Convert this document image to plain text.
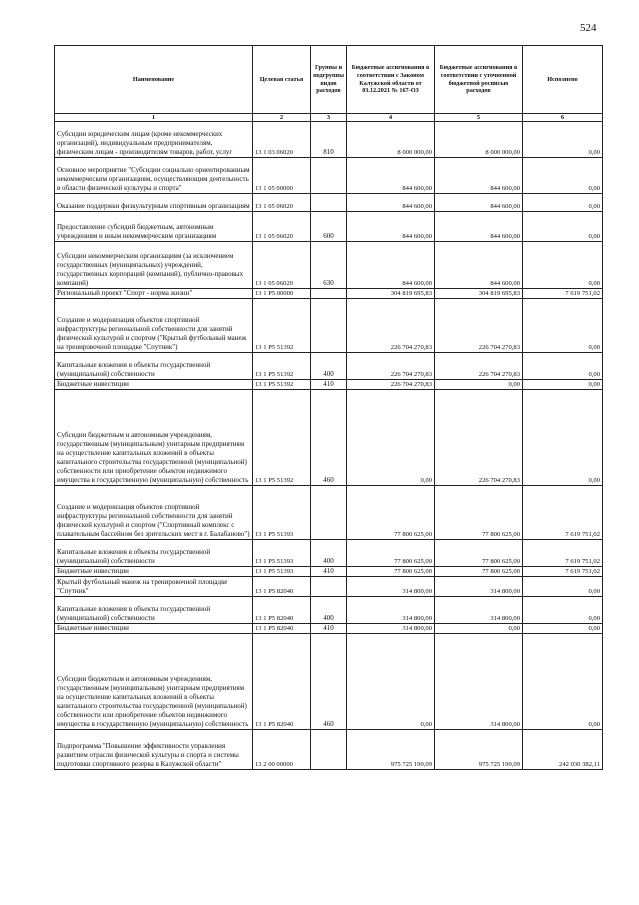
524
Наименование	Целевая статья	Группы и подгруппы видов расходов	Бюджетные ассигнования в соответствии с Законом Калужской области от 03.12.2021 № 167-ОЗ	Бюджетные ассигнования в соответствии с уточненной бюджетной росписью расходов	Исполнено
1	2	3	4	5	6
Субсидии юридическим лицам (кроме некоммерческих организаций), индивидуальным предпринимателям, физическим лицам - производителям товаров, работ, услуг	13 1 03 06020	810	8 000 000,00	8 000 000,00	0,00
Основное мероприятие "Субсидии социально ориентированным некоммерческим организациям, осуществляющим деятельность в области физической культуры и спорта"	13 1 05 00000		844 600,00	844 600,00	0,00
Оказание поддержки физкультурным спортивным организациям	13 1 05 06020		844 600,00	844 600,00	0,00
Предоставление субсидий бюджетным, автономным учреждениям и иным некоммерческим организациям	13 1 05 06020	600	844 600,00	844 600,00	0,00
Субсидии некоммерческим организациям (за исключением государственных (муниципальных) учреждений, государственных корпораций (компаний), публично-правовых компаний)	13 1 05 06020	630	844 600,00	844 600,00	0,00
Региональный проект "Спорт - норма жизни"	13 1 P5 00000		304 819 695,83	304 819 695,83	7 619 751,02
Создание и модернизация объектов спортивной инфраструктуры региональной собственности для занятий физической культурой и спортом ("Крытый футбольный манеж на тренировочной площадке "Спутник")	13 1 P5 51392		226 704 270,83	226 704 270,83	0,00
Капитальные вложения в объекты государственной (муниципальной) собственности	13 1 P5 51392	400	226 704 270,83	226 704 270,83	0,00
Бюджетные инвестиции	13 1 P5 51392	410	226 704 270,83	0,00	0,00
Субсидии бюджетным и автономным учреждениям, государственным (муниципальным) унитарным предприятиям на осуществление капитальных вложений в объекты капитального строительства государственной (муниципальной) собственности или приобретение объектов недвижимого имущества в государственную (муниципальную) собственность	13 1 P5 51392	460	0,00	226 704 270,83	0,00
Создание и модернизация объектов спортивной инфраструктуры региональной собственности для занятий физической культурой и спортом ("Спортивный комплекс с плавательным бассейном без зрительских мест в г. Балабаново")	13 1 P5 51393		77 800 625,00	77 800 625,00	7 619 751,02
Капитальные вложения в объекты государственной (муниципальной) собственности	13 1 P5 51393	400	77 800 625,00	77 800 625,00	7 619 751,02
Бюджетные инвестиции	13 1 P5 51393	410	77 800 625,00	77 800 625,00	7 619 751,02
Крытый футбольный манеж на тренировочной площадке "Спутник"	13 1 P5 82040		314 800,00	314 800,00	0,00
Капитальные вложения в объекты государственной (муниципальной) собственности	13 1 P5 82040	400	314 800,00	314 800,00	0,00
Бюджетные инвестиции	13 1 P5 82040	410	314 800,00	0,00	0,00
Субсидии бюджетным и автономным учреждениям, государственным (муниципальным) унитарным предприятиям на осуществление капитальных вложений в объекты капитального строительства государственной (муниципальной) собственности или приобретение объектов недвижимого имущества в государственную (муниципальную) собственность	13 1 P5 82040	460	0,00	314 800,00	0,00
Подпрограмма "Повышение эффективности управления развитием отрасли физической культуры и спорта и системы подготовки спортивного резерва в Калужской области"	13 2 00 00000		975 725 199,09	975 725 199,09	242 030 382,11
